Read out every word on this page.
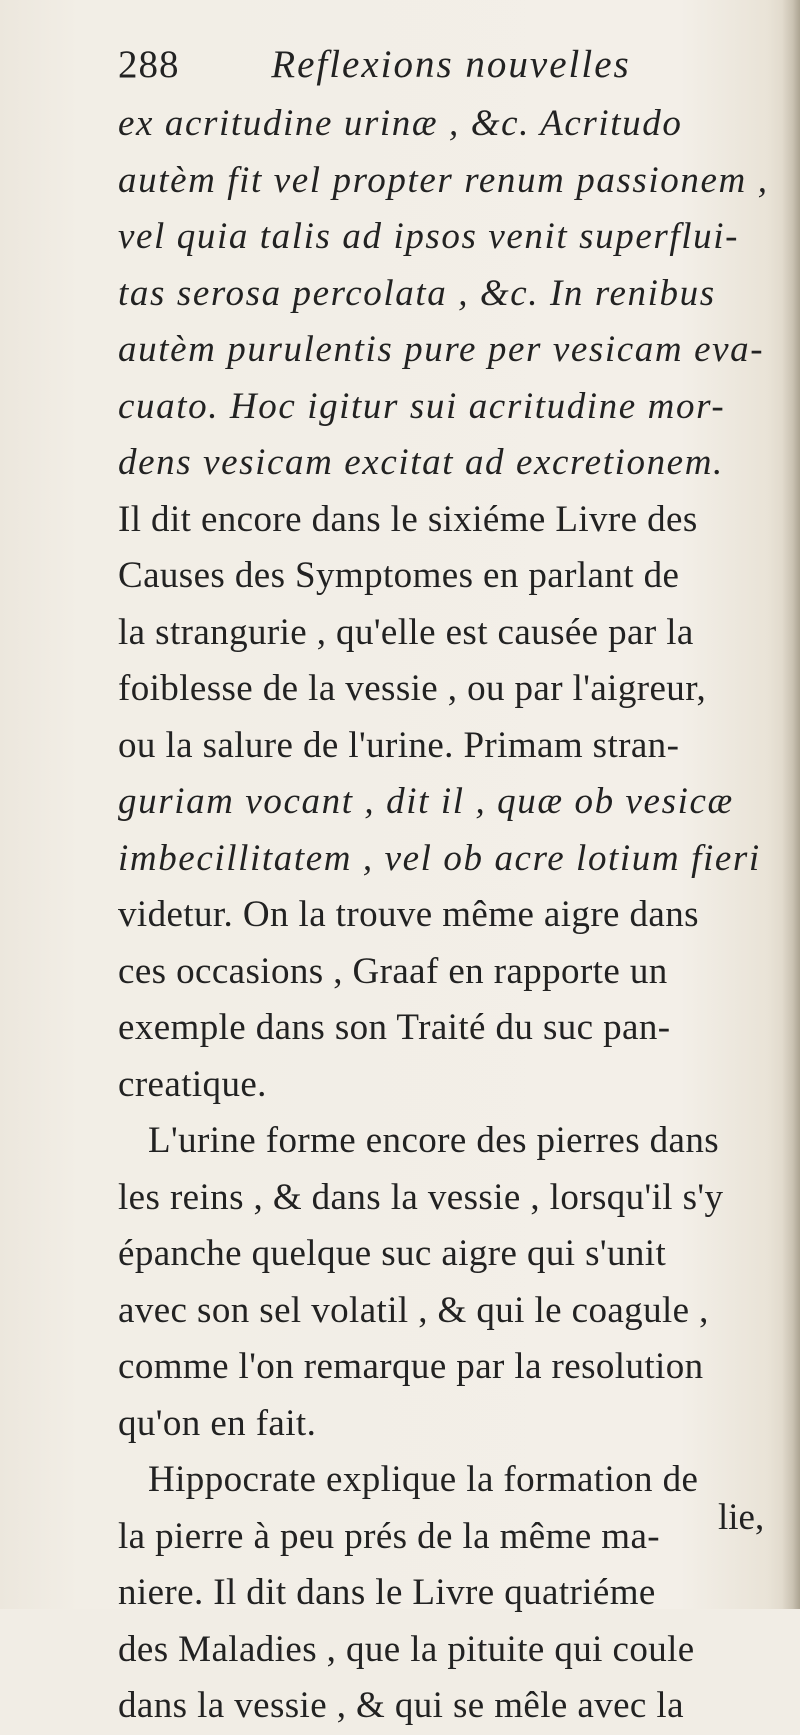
288 Reflexions nouvelles
ex acritudine urinæ , &c. Acritudo
autèm fit vel propter renum passionem ,
vel quia talis ad ipsos venit superflui-
tas serosa percolata , &c. In renibus
autèm purulentis pure per vesicam eva-
cuato. Hoc igitur sui acritudine mor-
dens vesicam excitat ad excretionem.
Il dit encore dans le sixiéme Livre des
Causes des Symptomes en parlant de
la strangurie , qu'elle est causée par la
foiblesse de la vessie , ou par l'aigreur,
ou la salure de l'urine. Primam stran-
guriam vocant , dit il , quæ ob vesicæ
imbecillitatem , vel ob acre lotium fieri
videtur. On la trouve même aigre dans
ces occasions , Graaf en rapporte un
exemple dans son Traité du suc pan-
creatique.
L'urine forme encore des pierres dans
les reins , & dans la vessie , lorsqu'il s'y
épanche quelque suc aigre qui s'unit
avec son sel volatil , & qui le coagule ,
comme l'on remarque par la resolution
qu'on en fait.
Hippocrate explique la formation de
la pierre à peu prés de la même ma-
niere. Il dit dans le Livre quatriéme
des Maladies , que la pituite qui coule
dans la vessie , & qui se mêle avec la
lie,
